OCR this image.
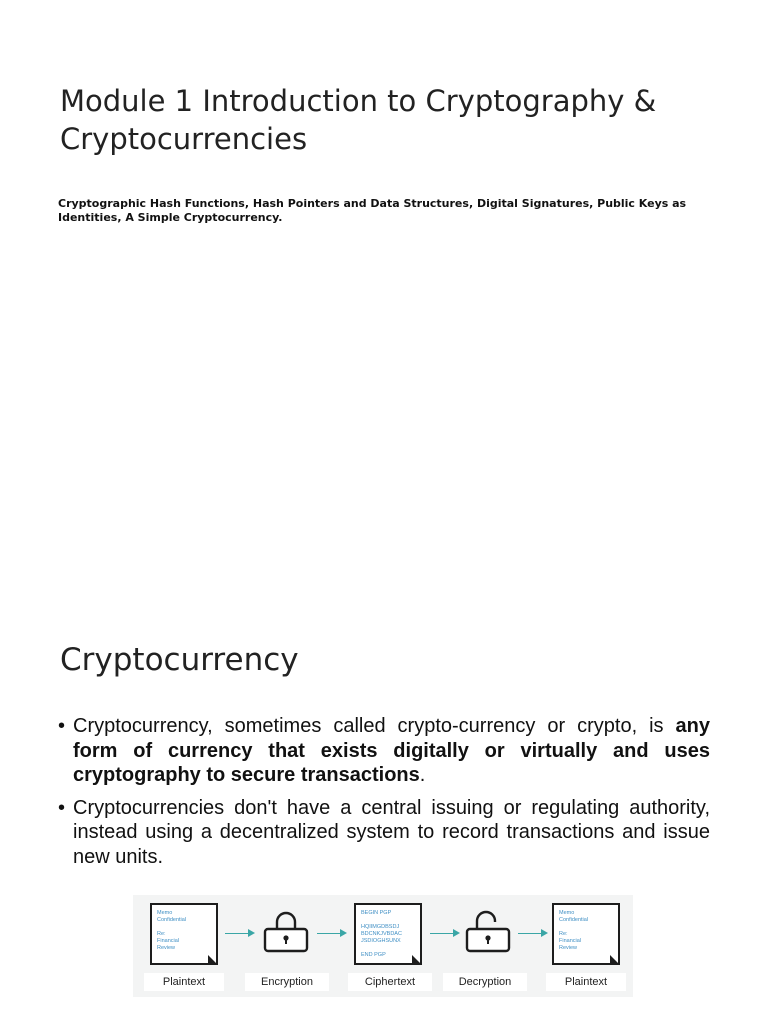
Module 1 Introduction to Cryptography & Cryptocurrencies

Cryptographic Hash Functions, Hash Pointers and Data Structures, Digital Signatures, Public Keys as Identities, A Simple Cryptocurrency.

Cryptocurrency
• Cryptocurrency, sometimes called crypto-currency or crypto, is any form of currency that exists digitally or virtually and uses cryptography to secure transactions.
• Cryptocurrencies don't have a central issuing or regulating authority, instead using a decentralized system to record transactions and issue new units.
Memo
Confidential

Re:
Financial
Review
BEGIN PGP

HQIIMGDBSDJ
BDCNKJVBDAC
JSDIOGHSUNX

END PGP
Memo
Confidential

Re:
Financial
Review
Plaintext	Encryption	Ciphertext	Decryption	Plaintext
